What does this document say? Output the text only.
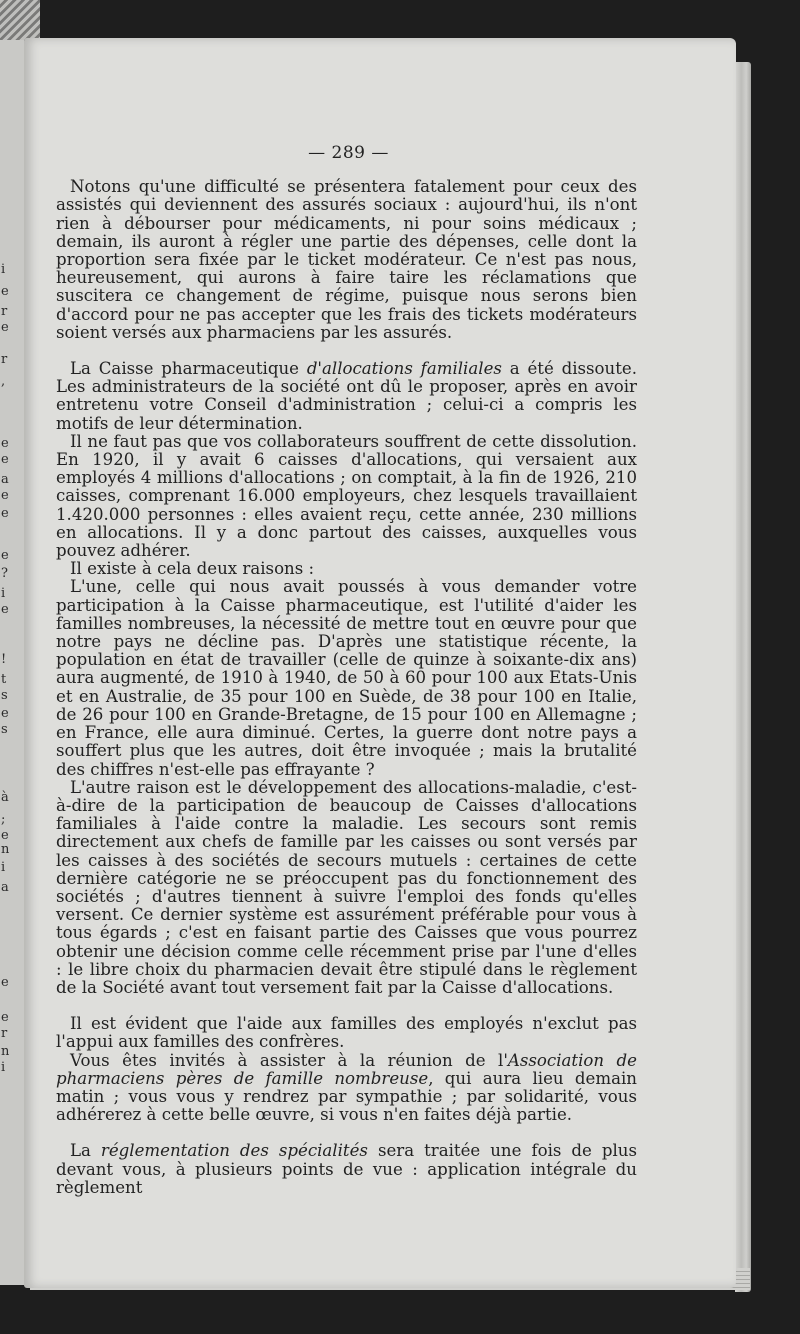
i
e
r
e
r
,
e
e
a
e
e
e
?
i
e
!
t
s
e
s
à
;
e
n
i
a
e
e
r
n
i
— 289 —

Notons qu'une difficulté se présentera fatalement pour ceux des assistés qui deviennent des assurés sociaux : aujourd'hui, ils n'ont rien à débourser pour médicaments, ni pour soins médicaux ; demain, ils auront à régler une partie des dépenses, celle dont la proportion sera fixée par le ticket modérateur. Ce n'est pas nous, heureusement, qui aurons à faire taire les réclamations que suscitera ce changement de régime, puisque nous serons bien d'accord pour ne pas accepter que les frais des tickets modérateurs soient versés aux pharmaciens par les assurés.

La Caisse pharmaceutique d'allocations familiales a été dissoute. Les administrateurs de la société ont dû le proposer, après en avoir entretenu votre Conseil d'administration ; celui-ci a compris les motifs de leur détermination.

Il ne faut pas que vos collaborateurs souffrent de cette dissolution. En 1920, il y avait 6 caisses d'allocations, qui versaient aux employés 4 millions d'allocations ; on comptait, à la fin de 1926, 210 caisses, comprenant 16.000 employeurs, chez lesquels travaillaient 1.420.000 personnes : elles avaient reçu, cette année, 230 millions en allocations. Il y a donc partout des caisses, auxquelles vous pouvez adhérer.

Il existe à cela deux raisons :

L'une, celle qui nous avait poussés à vous demander votre participation à la Caisse pharmaceutique, est l'utilité d'aider les familles nombreuses, la nécessité de mettre tout en œuvre pour que notre pays ne décline pas. D'après une statistique récente, la population en état de travailler (celle de quinze à soixante-dix ans) aura augmenté, de 1910 à 1940, de 50 à 60 pour 100 aux Etats-Unis et en Australie, de 35 pour 100 en Suède, de 38 pour 100 en Italie, de 26 pour 100 en Grande-Bretagne, de 15 pour 100 en Allemagne ; en France, elle aura diminué. Certes, la guerre dont notre pays a souffert plus que les autres, doit être invoquée ; mais la brutalité des chiffres n'est-elle pas effrayante ?

L'autre raison est le développement des allocations-maladie, c'est-à-dire de la participation de beaucoup de Caisses d'allocations familiales à l'aide contre la maladie. Les secours sont remis directement aux chefs de famille par les caisses ou sont versés par les caisses à des sociétés de secours mutuels : certaines de cette dernière catégorie ne se préoccupent pas du fonctionnement des sociétés ; d'autres tiennent à suivre l'emploi des fonds qu'elles versent. Ce dernier système est assurément préférable pour vous à tous égards ; c'est en faisant partie des Caisses que vous pourrez obtenir une décision comme celle récemment prise par l'une d'elles : le libre choix du pharmacien devait être stipulé dans le règlement de la Société avant tout versement fait par la Caisse d'allocations.

Il est évident que l'aide aux familles des employés n'exclut pas l'appui aux familles des confrères.

Vous êtes invités à assister à la réunion de l'Association de pharmaciens pères de famille nombreuse, qui aura lieu demain matin ; vous vous y rendrez par sympathie ; par solidarité, vous adhérerez à cette belle œuvre, si vous n'en faites déjà partie.

La réglementation des spécialités sera traitée une fois de plus devant vous, à plusieurs points de vue : application intégrale du règlement
